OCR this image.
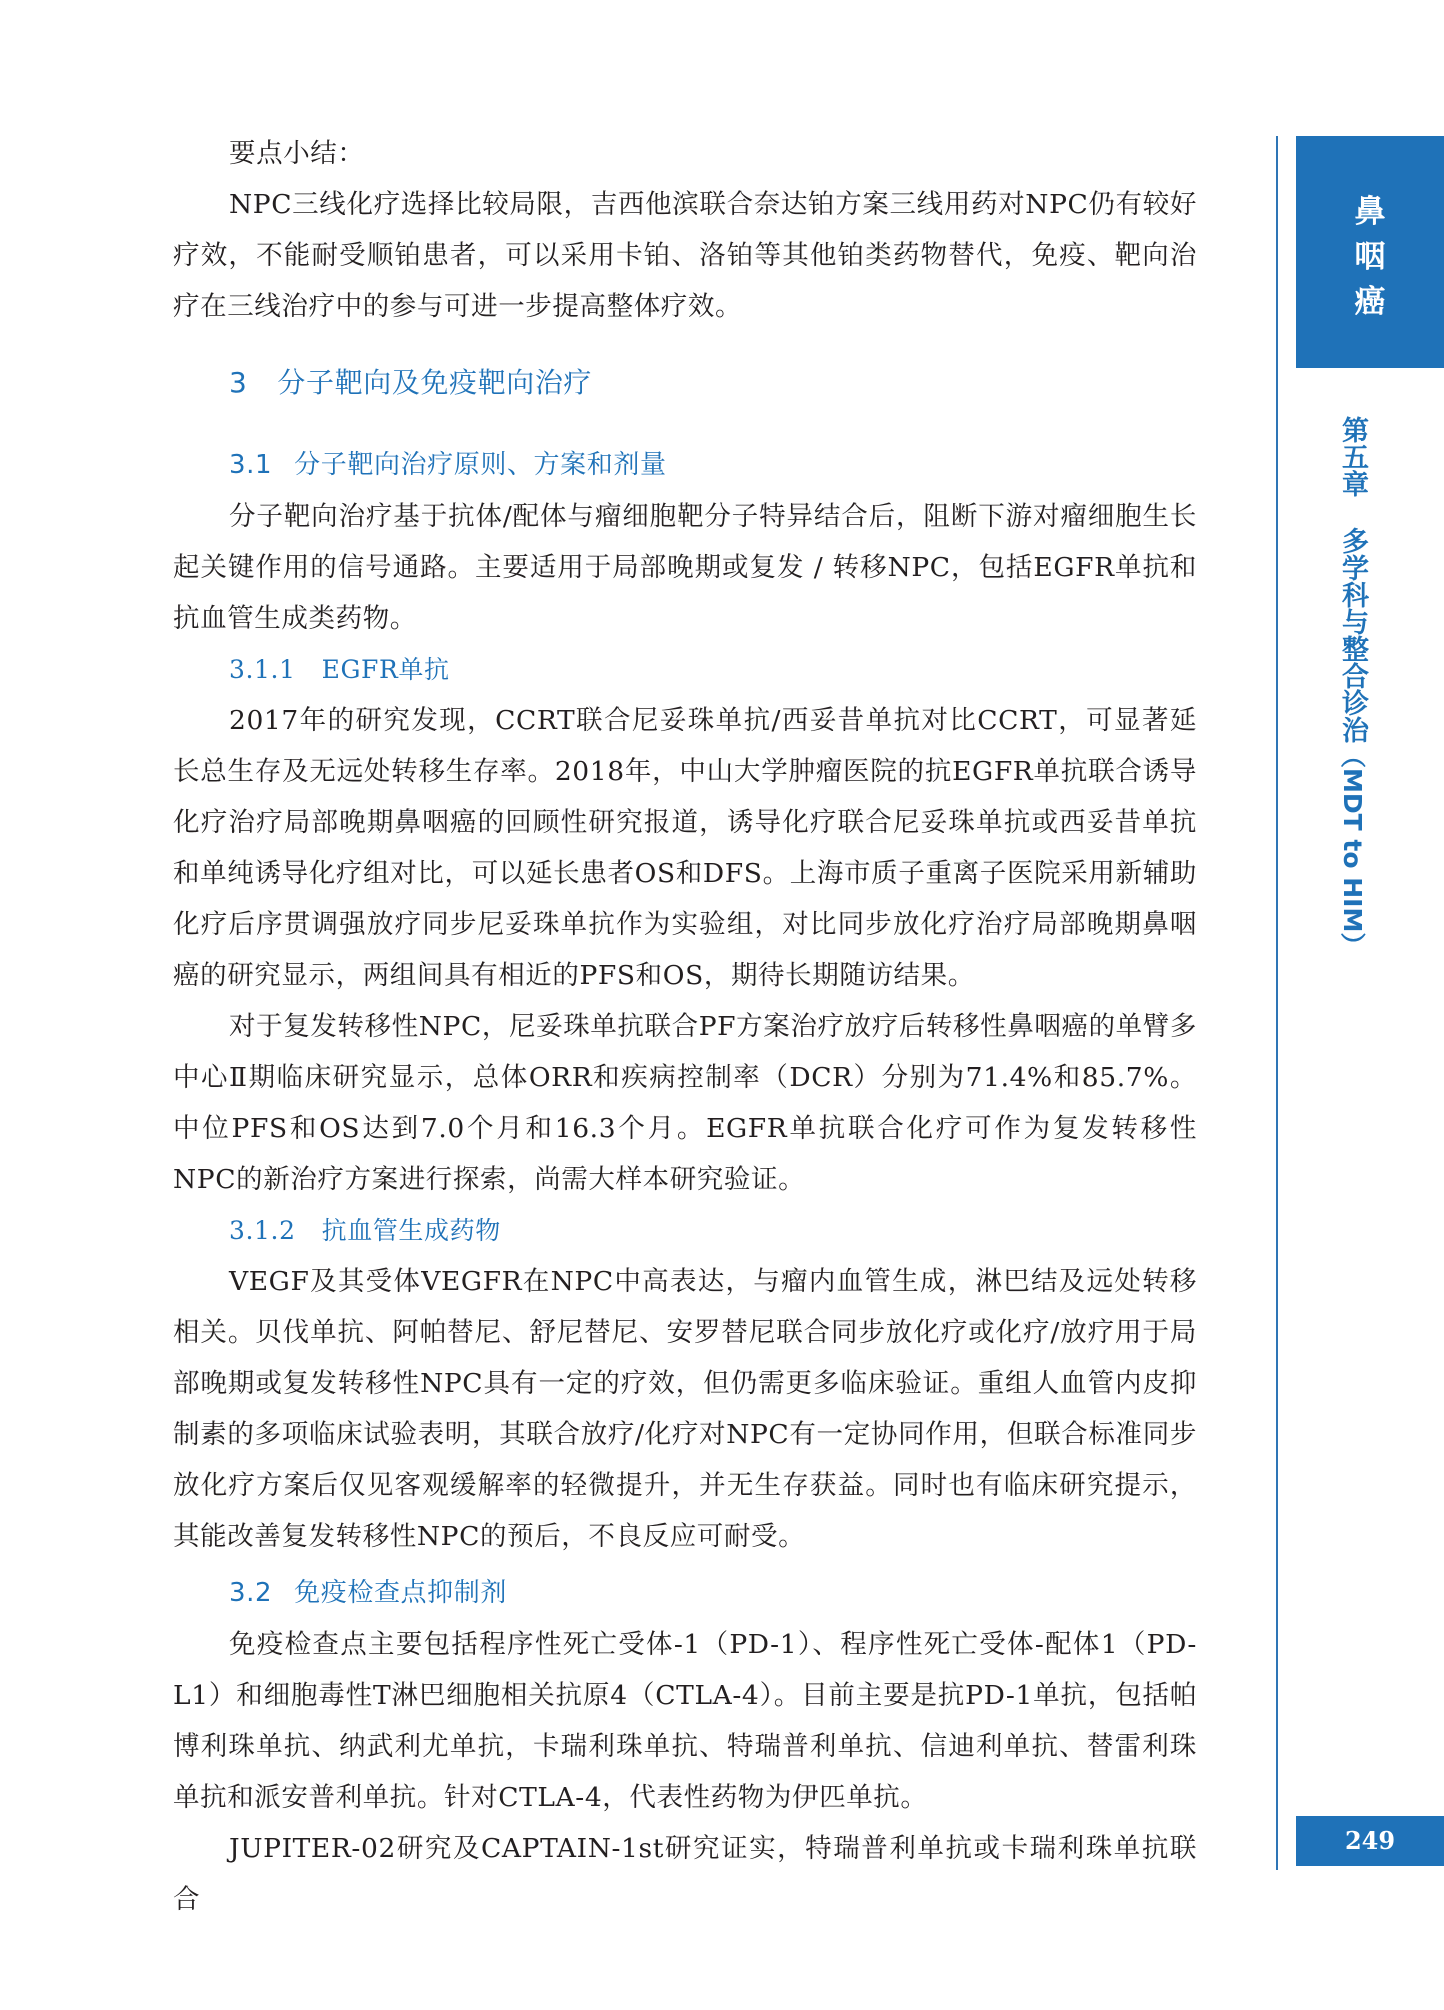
要点小结：

NPC三线化疗选择比较局限，吉西他滨联合奈达铂方案三线用药对NPC仍有较好疗效，不能耐受顺铂患者，可以采用卡铂、洛铂等其他铂类药物替代，免疫、靶向治疗在三线治疗中的参与可进一步提高整体疗效。

3 分子靶向及免疫靶向治疗
3.1 分子靶向治疗原则、方案和剂量

分子靶向治疗基于抗体/配体与瘤细胞靶分子特异结合后，阻断下游对瘤细胞生长起关键作用的信号通路。主要适用于局部晚期或复发 / 转移NPC，包括EGFR单抗和抗血管生成类药物。

3.1.1 EGFR单抗

2017年的研究发现，CCRT联合尼妥珠单抗/西妥昔单抗对比CCRT，可显著延长总生存及无远处转移生存率。2018年，中山大学肿瘤医院的抗EGFR单抗联合诱导化疗治疗局部晚期鼻咽癌的回顾性研究报道，诱导化疗联合尼妥珠单抗或西妥昔单抗和单纯诱导化疗组对比，可以延长患者OS和DFS。上海市质子重离子医院采用新辅助化疗后序贯调强放疗同步尼妥珠单抗作为实验组，对比同步放化疗治疗局部晚期鼻咽癌的研究显示，两组间具有相近的PFS和OS，期待长期随访结果。

对于复发转移性NPC，尼妥珠单抗联合PF方案治疗放疗后转移性鼻咽癌的单臂多中心Ⅱ期临床研究显示，总体ORR和疾病控制率（DCR）分别为71.4%和85.7%。中位PFS和OS达到7.0个月和16.3个月。EGFR单抗联合化疗可作为复发转移性NPC的新治疗方案进行探索，尚需大样本研究验证。

3.1.2 抗血管生成药物

VEGF及其受体VEGFR在NPC中高表达，与瘤内血管生成，淋巴结及远处转移相关。贝伐单抗、阿帕替尼、舒尼替尼、安罗替尼联合同步放化疗或化疗/放疗用于局部晚期或复发转移性NPC具有一定的疗效，但仍需更多临床验证。重组人血管内皮抑制素的多项临床试验表明，其联合放疗/化疗对NPC有一定协同作用，但联合标准同步放化疗方案后仅见客观缓解率的轻微提升，并无生存获益。同时也有临床研究提示，其能改善复发转移性NPC的预后，不良反应可耐受。

3.2 免疫检查点抑制剂

免疫检查点主要包括程序性死亡受体-1（PD-1）、程序性死亡受体-配体1（PD-L1）和细胞毒性T淋巴细胞相关抗原4（CTLA-4）。目前主要是抗PD-1单抗，包括帕博利珠单抗、纳武利尤单抗，卡瑞利珠单抗、特瑞普利单抗、信迪利单抗、替雷利珠单抗和派安普利单抗。针对CTLA-4，代表性药物为伊匹单抗。

JUPITER-02研究及CAPTAIN-1st研究证实，特瑞普利单抗或卡瑞利珠单抗联合

鼻
咽
癌
第五章多学科与整合诊治（MDT to HIM）
249
